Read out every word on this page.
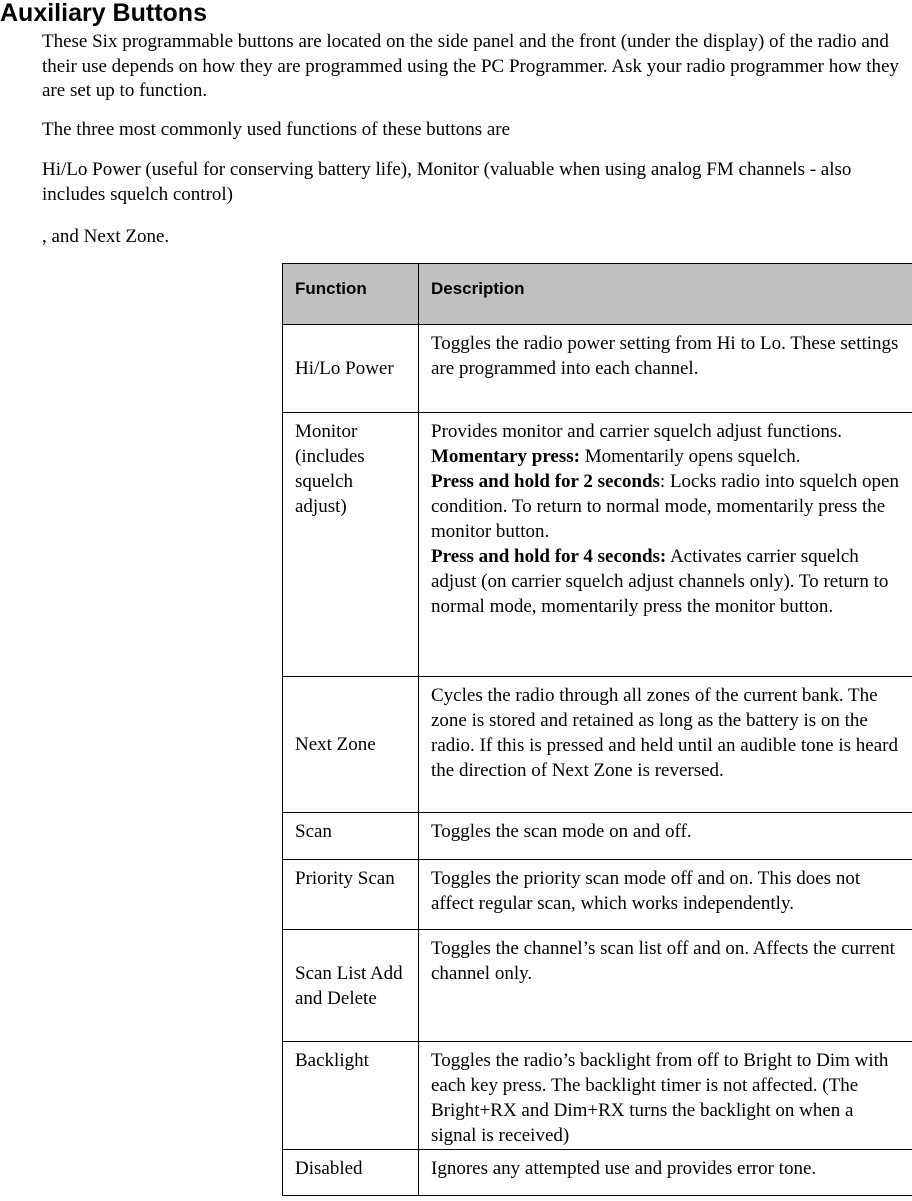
Auxiliary Buttons

These Six programmable buttons are located on the side panel and the front (under the display) of the radio and their use depends on how they are programmed using the PC Programmer. Ask your radio programmer how they are set up to function.

The three most commonly used functions of these buttons are

Hi/Lo Power (useful for conserving battery life), Monitor (valuable when using analog FM channels - also includes squelch control)

, and Next Zone.

Function	Description

Hi/Lo Power	Toggles the radio power setting from Hi to Lo. These settings are programmed into each channel.
Monitor (includes squelch adjust)	Provides monitor and carrier squelch adjust functions.
Momentary press: Momentarily opens squelch.
Press and hold for 2 seconds: Locks radio into squelch open condition. To return to normal mode, momentarily press the monitor button.
Press and hold for 4 seconds: Activates carrier squelch adjust (on carrier squelch adjust channels only). To return to normal mode, momentarily press the monitor button.

Next Zone	Cycles the radio through all zones of the current bank. The zone is stored and retained as long as the battery is on the radio. If this is pressed and held until an audible tone is heard the direction of Next Zone is reversed.
Scan	Toggles the scan mode on and off.
Priority Scan	Toggles the priority scan mode off and on. This does not affect regular scan, which works independently.

Scan List Add and Delete	Toggles the channel’s scan list off and on. Affects the current channel only.
Backlight	Toggles the radio’s backlight from off to Bright to Dim with each key press. The backlight timer is not affected. (The Bright+RX and Dim+RX turns the backlight on when a signal is received)
Disabled	Ignores any attempted use and provides error tone.
